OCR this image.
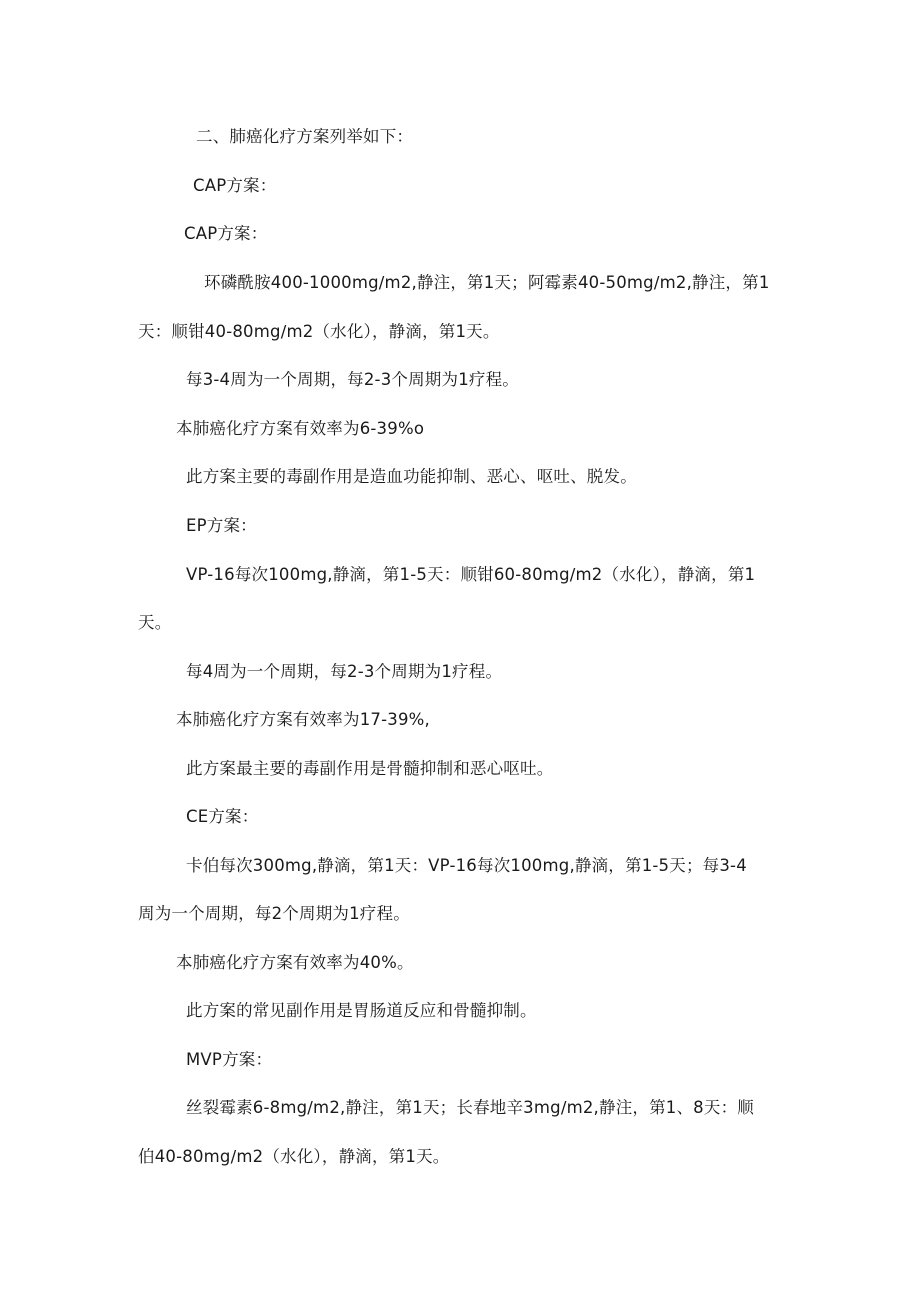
二、肺癌化疗方案列举如下：
CAP方案：
CAP方案：
环磷酰胺400-1000mg∕m2,静注，第1天；阿霉素40-50mg∕m2,静注，第1
天：顺钳40-80mg∕m2（水化），静滴，第1天。
每3-4周为一个周期，每2-3个周期为1疗程。
本肺癌化疗方案有效率为6-39%o
此方案主要的毒副作用是造血功能抑制、恶心、呕吐、脱发。
EP方案：
VP-16每次100mg,静滴，第1-5天：顺钳60-80mg∕m2（水化），静滴，第1
天。
每4周为一个周期，每2-3个周期为1疗程。
本肺癌化疗方案有效率为17-39%,
此方案最主要的毒副作用是骨髓抑制和恶心呕吐。
CE方案：
卡伯每次300mg,静滴，第1天：VP-16每次100mg,静滴，第1-5天；每3-4
周为一个周期，每2个周期为1疗程。
本肺癌化疗方案有效率为40%。
此方案的常见副作用是胃肠道反应和骨髓抑制。
MVP方案：
丝裂霉素6-8mg∕m2,静注，第1天；长春地辛3mg∕m2,静注，第1、8天：顺
伯40-80mg∕m2（水化），静滴，第1天。
